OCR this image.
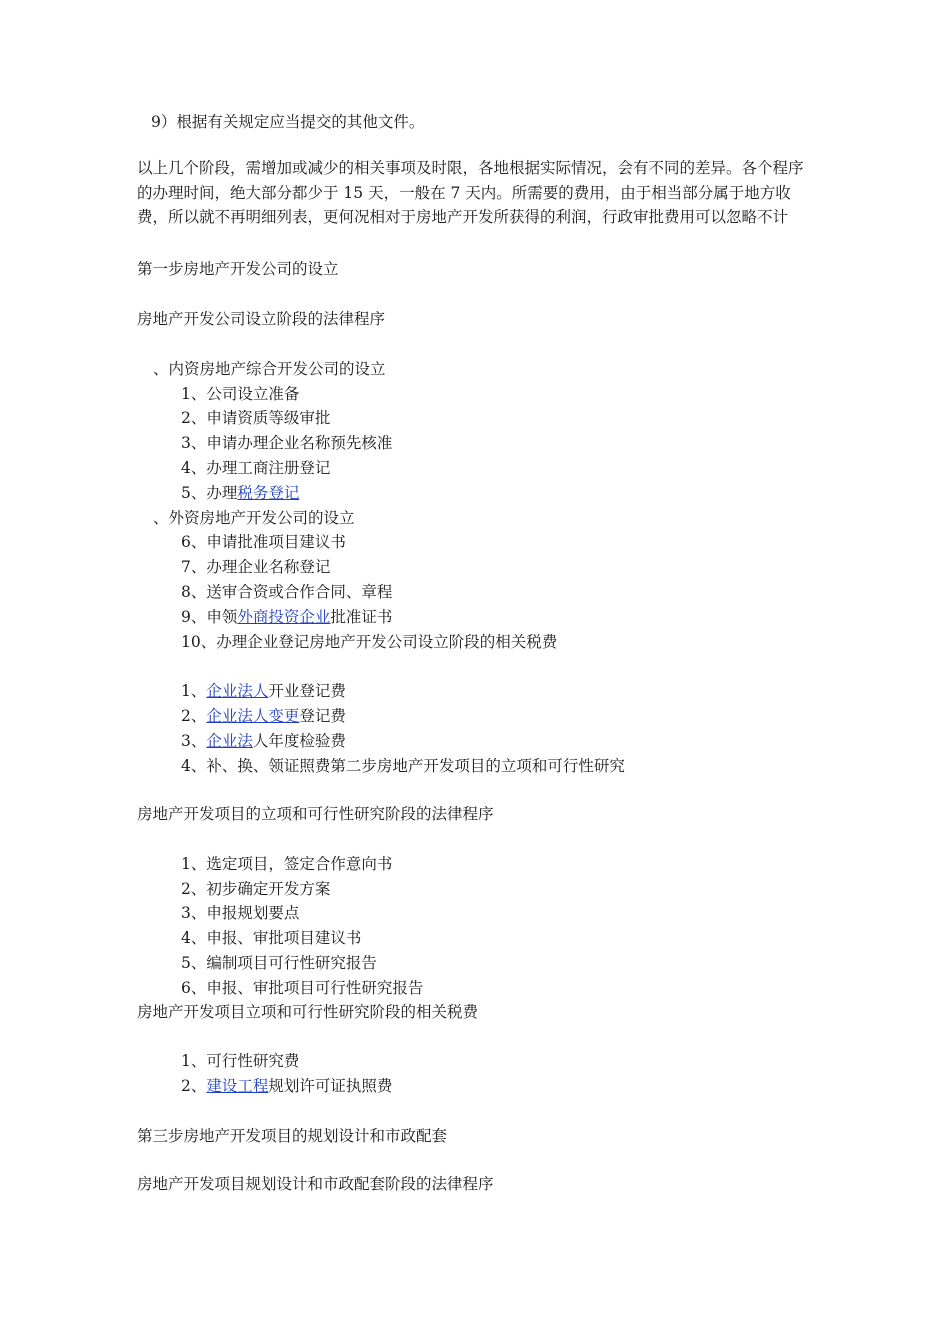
9）根据有关规定应当提交的其他文件。
以上几个阶段，需增加或减少的相关事项及时限，各地根据实际情况，会有不同的差异。各个程序的办理时间，绝大部分都少于 15 天，一般在 7 天内。所需要的费用，由于相当部分属于地方收费，所以就不再明细列表，更何况相对于房地产开发所获得的利润，行政审批费用可以忽略不计
第一步房地产开发公司的设立
房地产开发公司设立阶段的法律程序
、内资房地产综合开发公司的设立
1、公司设立准备
2、申请资质等级审批
3、申请办理企业名称预先核准
4、办理工商注册登记
5、办理税务登记
、外资房地产开发公司的设立
6、申请批准项目建议书
7、办理企业名称登记
8、送审合资或合作合同、章程
9、申领外商投资企业批准证书
10、办理企业登记房地产开发公司设立阶段的相关税费
1、企业法人开业登记费
2、企业法人变更登记费
3、企业法人年度检验费
4、补、换、领证照费第二步房地产开发项目的立项和可行性研究
房地产开发项目的立项和可行性研究阶段的法律程序
1、选定项目，签定合作意向书
2、初步确定开发方案
3、申报规划要点
4、申报、审批项目建议书
5、编制项目可行性研究报告
6、申报、审批项目可行性研究报告
房地产开发项目立项和可行性研究阶段的相关税费
1、可行性研究费
2、建设工程规划许可证执照费
第三步房地产开发项目的规划设计和市政配套
房地产开发项目规划设计和市政配套阶段的法律程序
